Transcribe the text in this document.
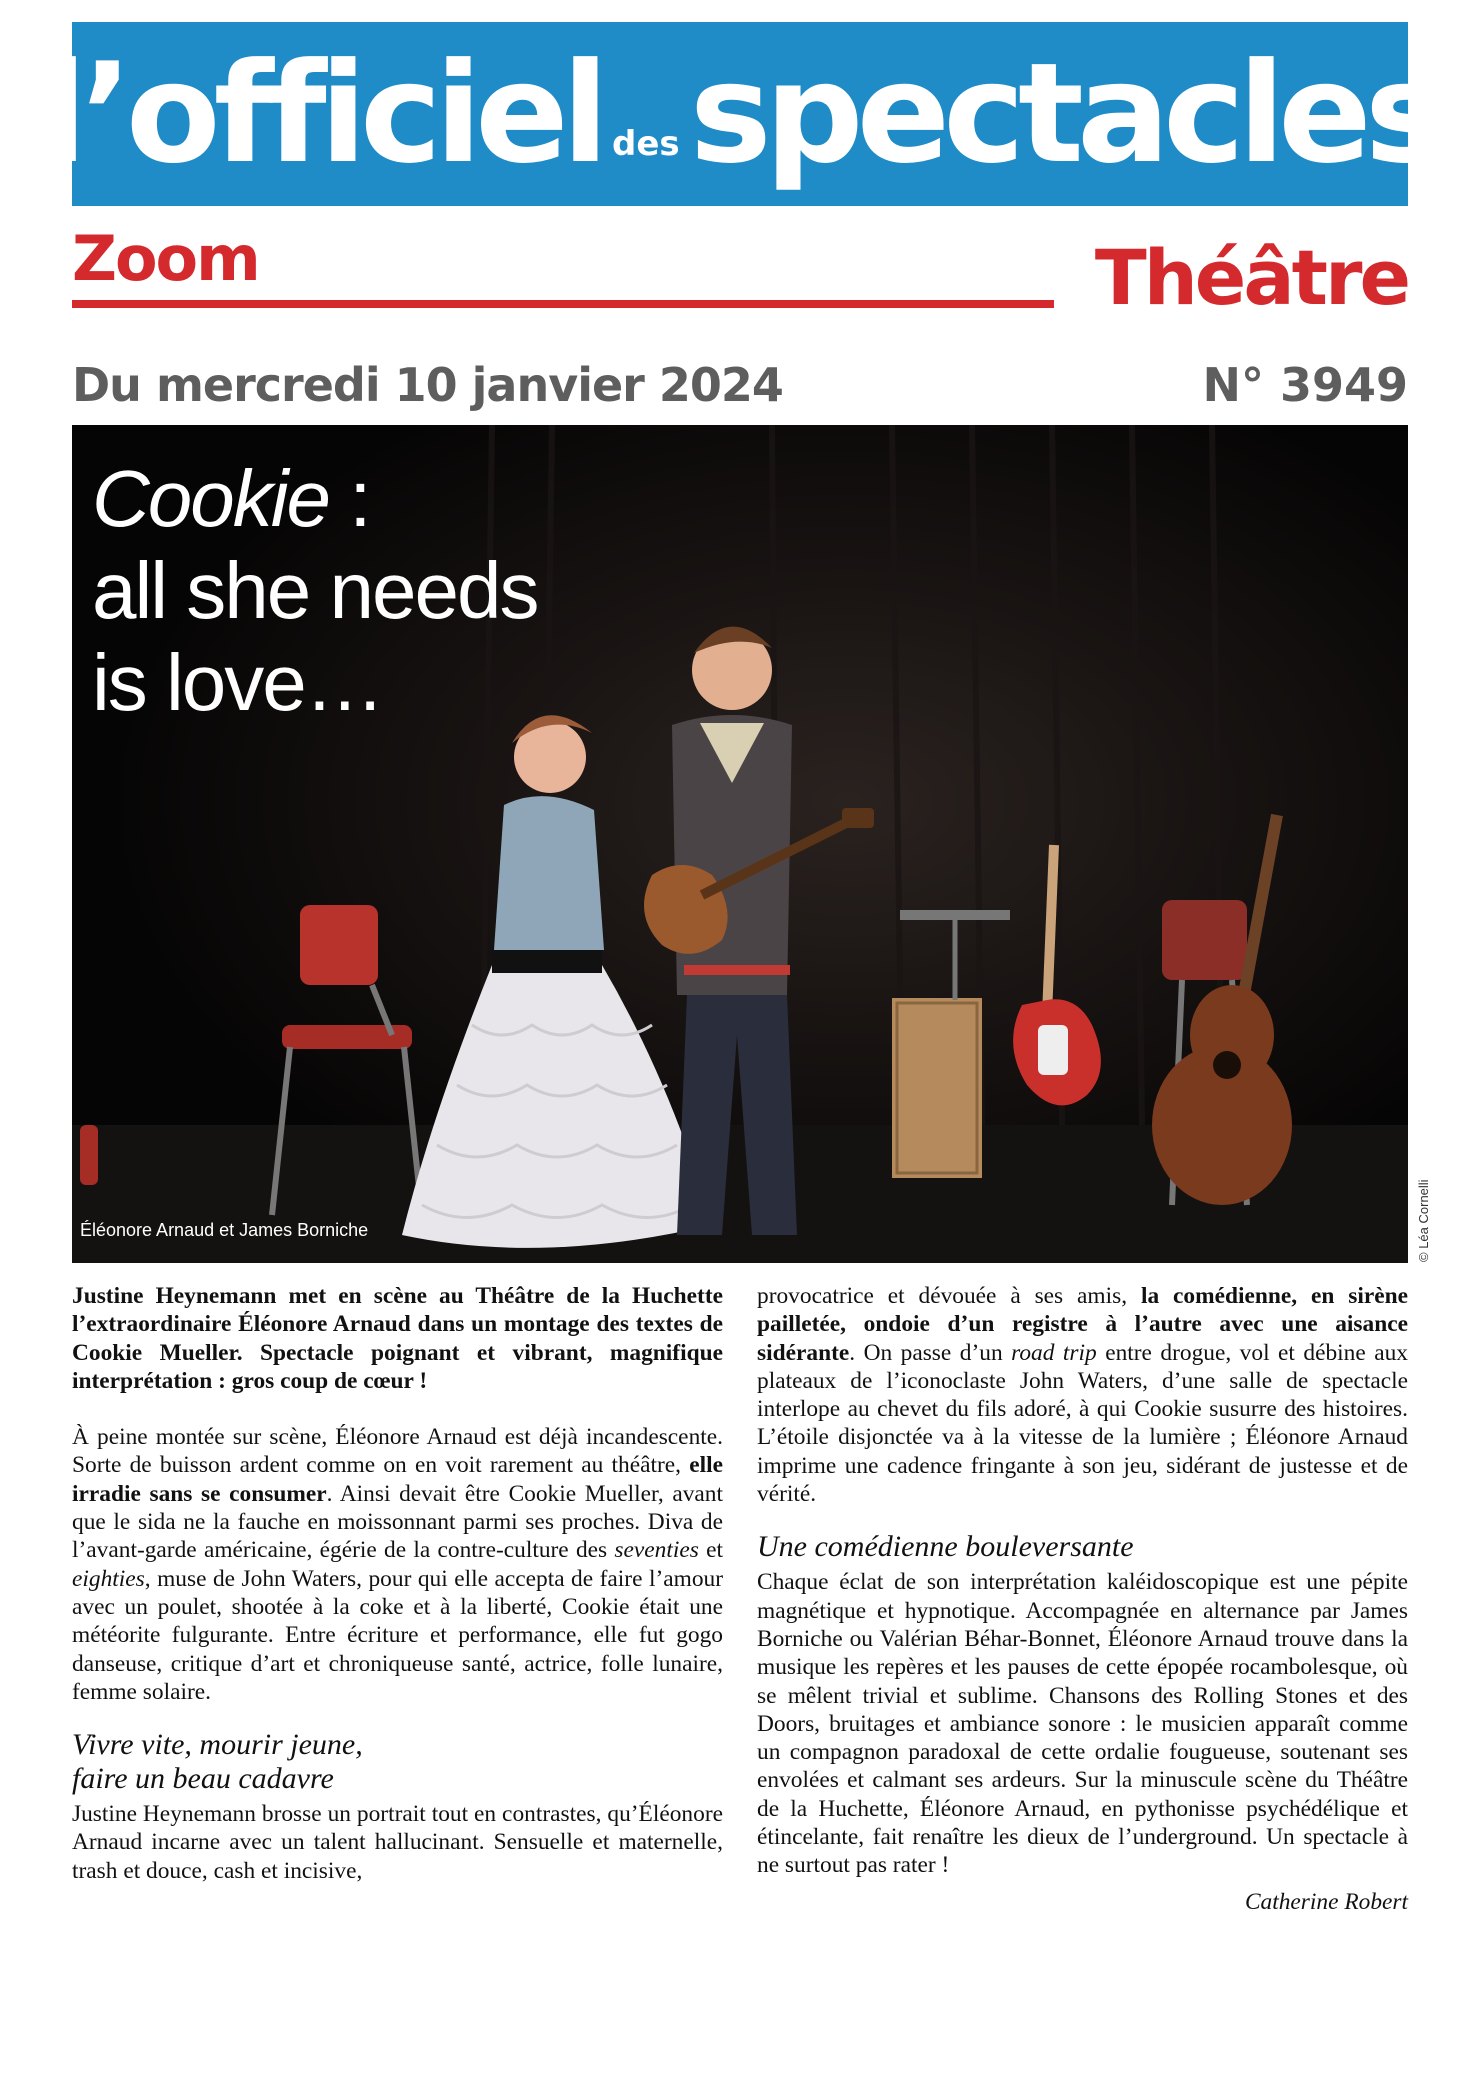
l’officiel des spectacles
Zoom	Théâtre
Du mercredi 10 janvier 2024	N° 3949
Cookie :
all she needs
is love…
Éléonore Arnaud et James Borniche	© Léa Cornelli

Justine Heynemann met en scène au Théâtre de la Huchette l’extraordinaire Éléonore Arnaud dans un montage des textes de Cookie Mueller. Spectacle poignant et vibrant, magnifique interprétation : gros coup de cœur !

À peine montée sur scène, Éléonore Arnaud est déjà incandescente. Sorte de buisson ardent comme on en voit rarement au théâtre, elle irradie sans se consumer. Ainsi devait être Cookie Mueller, avant que le sida ne la fauche en moissonnant parmi ses proches. Diva de l’avant-garde américaine, égérie de la contre-culture des seventies et eighties, muse de John Waters, pour qui elle accepta de faire l’amour avec un poulet, shootée à la coke et à la liberté, Cookie était une météorite fulgurante. Entre écriture et performance, elle fut gogo danseuse, critique d’art et chroniqueuse santé, actrice, folle lunaire, femme solaire.

Vivre vite, mourir jeune,
faire un beau cadavre

Justine Heynemann brosse un portrait tout en contrastes, qu’Éléonore Arnaud incarne avec un talent hallucinant. Sensuelle et maternelle, trash et douce, cash et incisive,

provocatrice et dévouée à ses amis, la comédienne, en sirène pailletée, ondoie d’un registre à l’autre avec une aisance sidérante. On passe d’un road trip entre drogue, vol et débine aux plateaux de l’iconoclaste John Waters, d’une salle de spectacle interlope au chevet du fils adoré, à qui Cookie susurre des histoires. L’étoile disjonctée va à la vitesse de la lumière ; Éléonore Arnaud imprime une cadence fringante à son jeu, sidérant de justesse et de vérité.

Une comédienne bouleversante

Chaque éclat de son interprétation kaléidoscopique est une pépite magnétique et hypnotique. Accompagnée en alternance par James Borniche ou Valérian Béhar-Bonnet, Éléonore Arnaud trouve dans la musique les repères et les pauses de cette épopée rocambolesque, où se mêlent trivial et sublime. Chansons des Rolling Stones et des Doors, bruitages et ambiance sonore : le musicien apparaît comme un compagnon paradoxal de cette ordalie fougueuse, soutenant ses envolées et calmant ses ardeurs. Sur la minuscule scène du Théâtre de la Huchette, Éléonore Arnaud, en pythonisse psychédélique et étincelante, fait renaître les dieux de l’underground. Un spectacle à ne surtout pas rater !

Catherine Robert
